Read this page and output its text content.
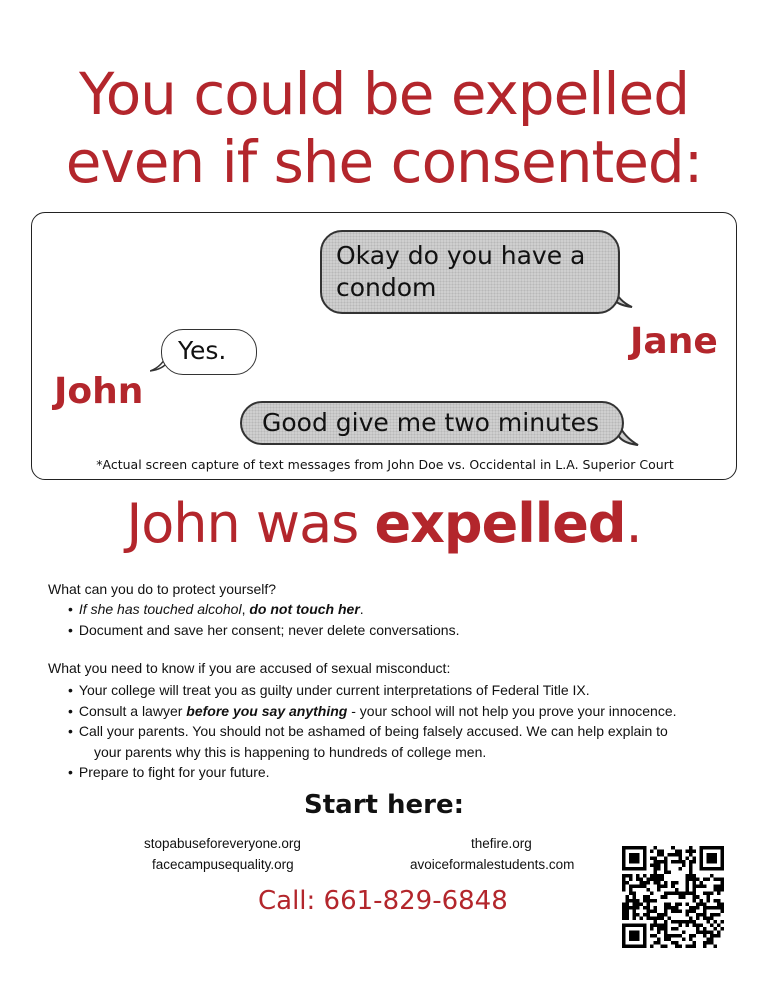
You could be expelled
even if she consented:
Okay do you have a condom
Yes.
Good give me two minutes

John

Jane

*Actual screen capture of text messages from John Doe vs. Occidental in L.A. Superior Court
John was expelled.

What can you do to protect yourself?

• If she has touched alcohol, do not touch her.
• Document and save her consent; never delete conversations.

What you need to know if you are accused of sexual misconduct:

• Your college will treat you as guilty under current interpretations of Federal Title IX.
• Consult a lawyer before you say anything - your school will not help you prove your innocence.
• Call your parents. You should not be ashamed of being falsely accused. We can help explain to
your parents why this is happening to hundreds of college men.
• Prepare to fight for your future.

Start here:

stopabuseforeveryone.org
facecampusequality.org
thefire.org
avoiceformalestudents.com

Call: 661-829-6848
